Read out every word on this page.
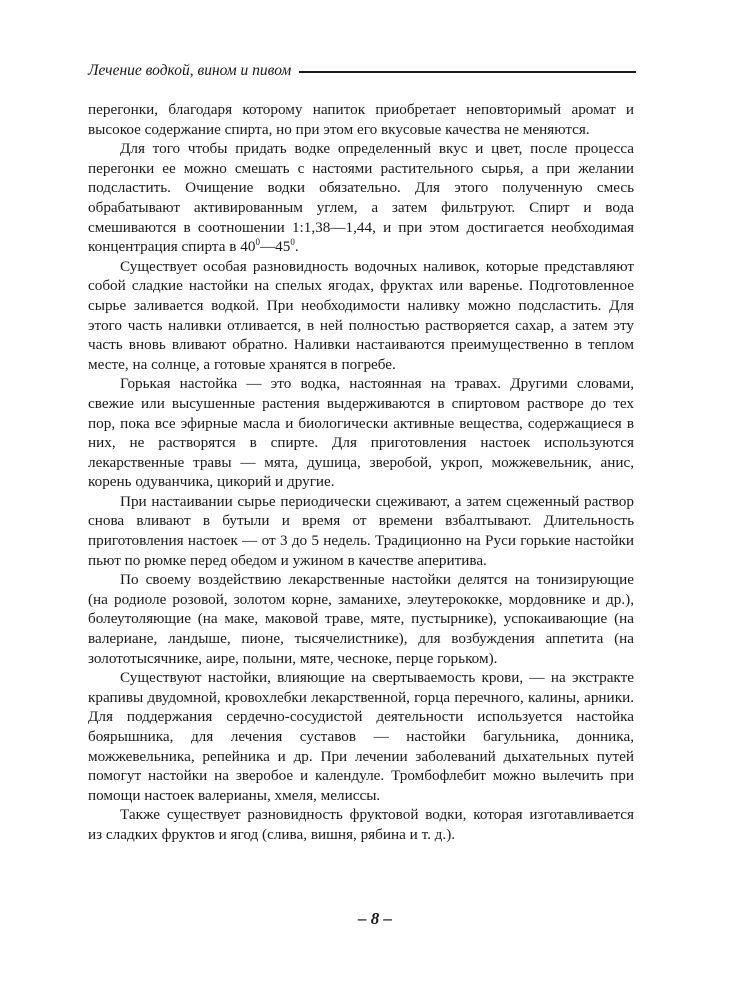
Лечение водкой, вином и пивом

перегонки, благодаря которому напиток приобретает неповторимый аромат и высокое содержание спирта, но при этом его вкусовые качества не меняются.

Для того чтобы придать водке определенный вкус и цвет, после процесса перегонки ее можно смешать с настоями растительного сырья, а при желании подсластить. Очищение водки обязательно. Для этого полученную смесь обрабатывают активированным углем, а затем фильтруют. Спирт и вода смешиваются в соотношении 1:1,38—1,44, и при этом достигается необходимая концентрация спирта в $40^0—45^0$.

Существует особая разновидность водочных наливок, которые представляют собой сладкие настойки на спелых ягодах, фруктах или варенье. Подготовленное сырье заливается водкой. При необходимости наливку можно подсластить. Для этого часть наливки отливается, в ней полностью растворяется сахар, а затем эту часть вновь вливают обратно. Наливки настаиваются преимущественно в теплом месте, на солнце, а готовые хранятся в погребе.

Горькая настойка — это водка, настоянная на травах. Другими словами, свежие или высушенные растения выдерживаются в спиртовом растворе до тех пор, пока все эфирные масла и биологически активные вещества, содержащиеся в них, не растворятся в спирте. Для приготовления настоек используются лекарственные травы — мята, душица, зверобой, укроп, можжевельник, анис, корень одуванчика, цикорий и другие.

При настаивании сырье периодически сцеживают, а затем сцеженный раствор снова вливают в бутыли и время от времени взбалтывают. Длительность приготовления настоек — от 3 до 5 недель. Традиционно на Руси горькие настойки пьют по рюмке перед обедом и ужином в качестве аперитива.

По своему воздействию лекарственные настойки делятся на тонизирующие (на родиоле розовой, золотом корне, заманихе, элеутерококке, мордовнике и др.), болеутоляющие (на маке, маковой траве, мяте, пустырнике), успокаивающие (на валериане, ландыше, пионе, тысячелистнике), для возбуждения аппетита (на золототысячнике, аире, полыни, мяте, чесноке, перце горьком).

Существуют настойки, влияющие на свертываемость крови, — на экстракте крапивы двудомной, кровохлебки лекарственной, горца перечного, калины, арники. Для поддержания сердечно-сосудистой деятельности используется настойка боярышника, для лечения суставов — настойки багульника, донника, можжевельника, репейника и др. При лечении заболеваний дыхательных путей помогут настойки на зверобое и календуле. Тромбофлебит можно вылечить при помощи настоек валерианы, хмеля, мелиссы.

Также существует разновидность фруктовой водки, которая изготавливается из сладких фруктов и ягод (слива, вишня, рябина и т. д.).

– 8 –
